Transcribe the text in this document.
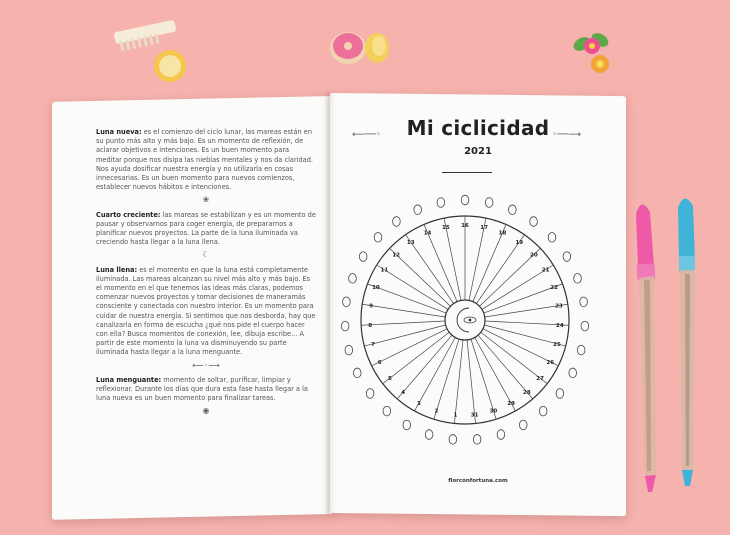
Luna nueva: es el comienzo del ciclo lunar, las mareas están en su punto más alto y más bajo. Es un momento de reflexión, de aclarar objetivos e intenciones. Es un buen momento para meditar porque nos disipa las nieblas mentales y nos da claridad. Nos ayuda dosificar nuestra energía y no utilizarla en cosas innecesarias. Es un buen momento para nuevos comienzos, establecer nuevos hábitos e intenciones.

❀

Cuarto creciente: las mareas se estabilizan y es un momento de pausar y observarnos para coger energía, de prepararnos a planificar nuevos proyectos. La parte de la luna iluminada va creciendo hasta llegar a la luna llena.

☾

Luna llena: es el momento en que la luna está completamente iluminada. Las mareas alcanzan su nivel más alto y más bajo. Es el momento en el que tenemos las ideas más claras, podemos comenzar nuevos proyectos y tomar decisiones de maneramás consciente y conectada con nuestro interior. Es un momento para cuidar de nuestra energía. Si sentimos que nos desborda, hay que canalizarla en forma de escucha ¿qué nos pide el cuerpo hacer con ella? Busca momentos de conexión, lee, dibuja escribe... A partir de este momento la luna va disminuyendo su parte iluminada hasta llegar a la luna menguante.

⟵◦⟶

Luna menguante: momento de soltar, purificar, limpiar y reflexionar. Durante los días que dura esta fase hasta llegar a la luna nueva es un buen momento para finalizar tareas.

◉
⟵──◦	Mi ciclicidad ◦──⟶
2021
1
2
3
4
5
6
7
8
9
10
11
12
13
14
15 16 17
18
19
20
21
22
23
24
25
26
27
28
29
30
31
florconfortuna.com
